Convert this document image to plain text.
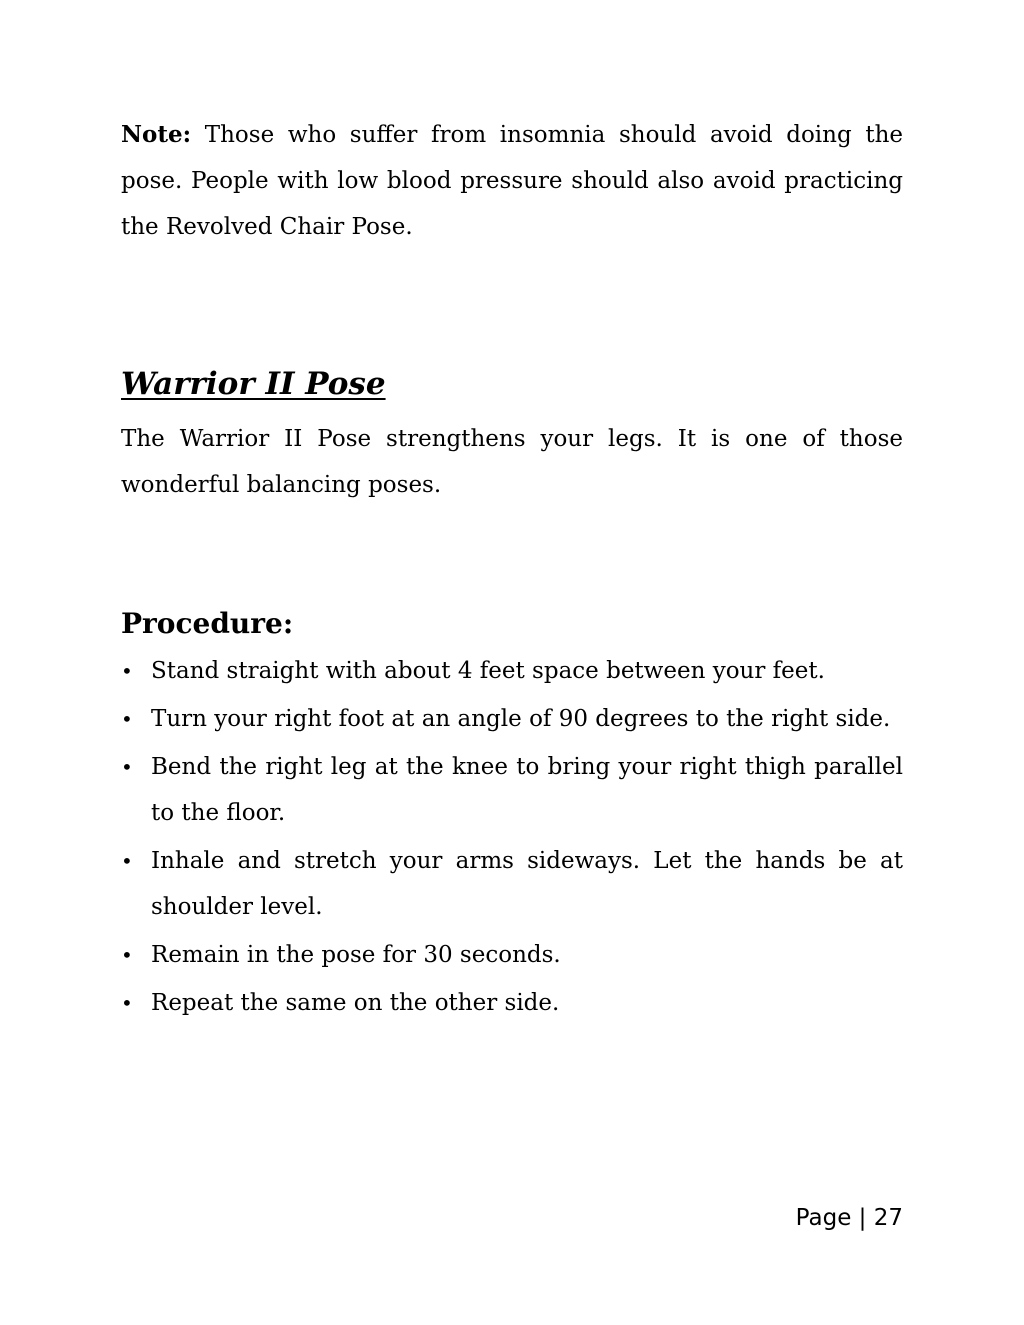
Note: Those who suffer from insomnia should avoid doing the pose. People with low blood pressure should also avoid practicing the Revolved Chair Pose.

Warrior II Pose

The Warrior II Pose strengthens your legs. It is one of those wonderful balancing poses.

Procedure:
• Stand straight with about 4 feet space between your feet.
• Turn your right foot at an angle of 90 degrees to the right side.
• Bend the right leg at the knee to bring your right thigh parallel to the floor.
• Inhale and stretch your arms sideways. Let the hands be at shoulder level.
• Remain in the pose for 30 seconds.
• Repeat the same on the other side.
Page | 27
